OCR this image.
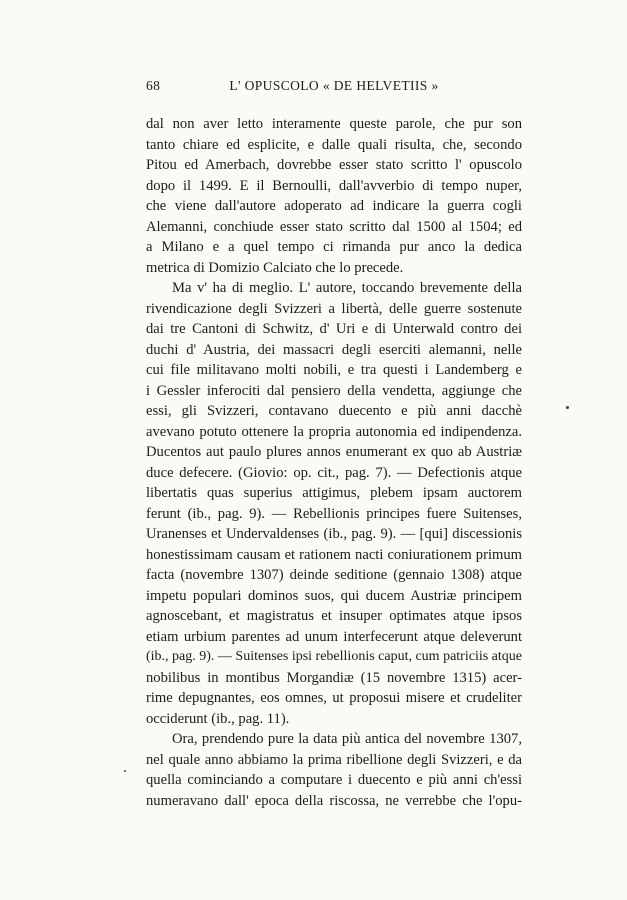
68	L' OPUSCOLO « DE HELVETIIS »

dal non aver letto interamente queste parole, che pur son
tanto chiare ed esplicite, e dalle quali risulta, che, secondo
Pitou ed Amerbach, dovrebbe esser stato scritto l' opuscolo
dopo il 1499. E il Bernoulli, dall'avverbio di tempo nuper,
che viene dall'autore adoperato ad indicare la guerra cogli
Alemanni, conchiude esser stato scritto dal 1500 al 1504; ed
a Milano e a quel tempo ci rimanda pur anco la dedica
metrica di Domizio Calciato che lo precede.

Ma v' ha di meglio. L' autore, toccando brevemente della
rivendicazione degli Svizzeri a libertà, delle guerre sostenute
dai tre Cantoni di Schwitz, d' Uri e di Unterwald contro dei
duchi d' Austria, dei massacri degli eserciti alemanni, nelle
cui file militavano molti nobili, e tra questi i Landemberg e
i Gessler inferociti dal pensiero della vendetta, aggiunge che
essi, gli Svizzeri, contavano duecento e più anni dacchè
avevano potuto ottenere la propria autonomia ed indipendenza.
Ducentos aut paulo plures annos enumerant ex quo ab Austriæ
duce defecere. (Giovio: op. cit., pag. 7). — Defectionis atque
libertatis quas superius attigimus, plebem ipsam auctorem
ferunt (ib., pag. 9). — Rebellionis principes fuere Suitenses,
Uranenses et Undervaldenses (ib., pag. 9). — [qui] discessionis
honestissimam causam et rationem nacti coniurationem primum
facta (novembre 1307) deinde seditione (gennaio 1308) atque
impetu populari dominos suos, qui ducem Austriæ principem
agnoscebant, et magistratus et insuper optimates atque ipsos
etiam urbium parentes ad unum interfecerunt atque deleverunt
(ib., pag. 9). — Suitenses ipsi rebellionis caput, cum patriciis atque
nobilibus in montibus Morgandiæ (15 novembre 1315) acer-
rime depugnantes, eos omnes, ut proposui misere et crudeliter
occiderunt (ib., pag. 11).

Ora, prendendo pure la data più antica del novembre 1307,
nel quale anno abbiamo la prima ribellione degli Svizzeri, e da
quella cominciando a computare i duecento e più anni ch'essi
numeravano dall' epoca della riscossa, ne verrebbe che l'opu-
